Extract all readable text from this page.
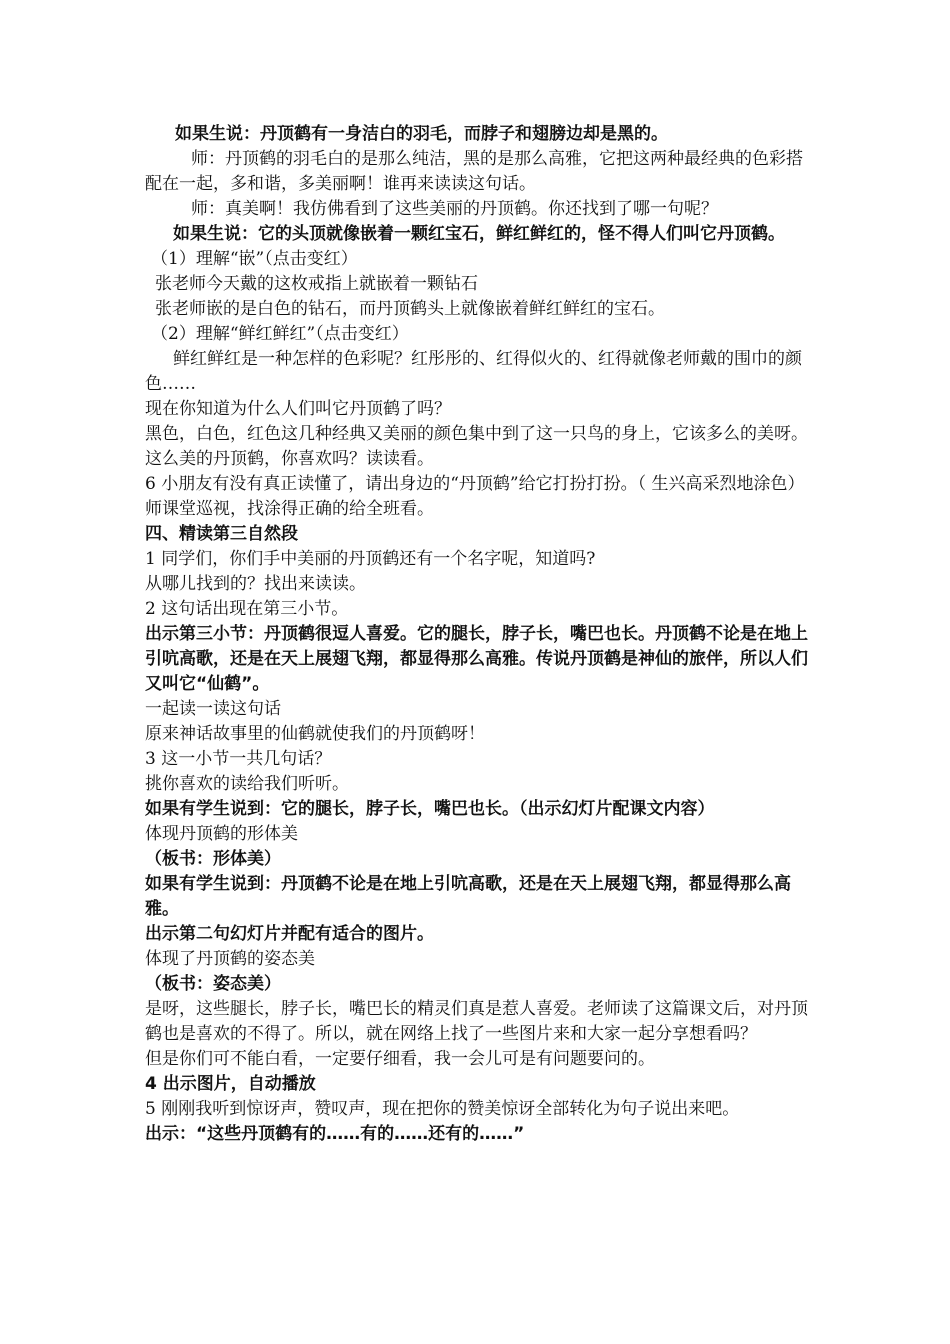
如果生说：丹顶鹤有一身洁白的羽毛，而脖子和翅膀边却是黑的。

师：丹顶鹤的羽毛白的是那么纯洁，黑的是那么高雅，它把这两种最经典的色彩搭配在一起，多和谐，多美丽啊！谁再来读读这句话。

师：真美啊！我仿佛看到了这些美丽的丹顶鹤。你还找到了哪一句呢？

如果生说：它的头顶就像嵌着一颗红宝石，鲜红鲜红的，怪不得人们叫它丹顶鹤。

（1）理解“嵌”（点击变红）

张老师今天戴的这枚戒指上就嵌着一颗钻石

张老师嵌的是白色的钻石，而丹顶鹤头上就像嵌着鲜红鲜红的宝石。

（2）理解“鲜红鲜红”（点击变红）

鲜红鲜红是一种怎样的色彩呢？红彤彤的、红得似火的、红得就像老师戴的围巾的颜色……

现在你知道为什么人们叫它丹顶鹤了吗？

黑色，白色，红色这几种经典又美丽的颜色集中到了这一只鸟的身上，它该多么的美呀。这么美的丹顶鹤，你喜欢吗？读读看。

6 小朋友有没有真正读懂了，请出身边的“丹顶鹤”给它打扮打扮。（ 生兴高采烈地涂色）

师课堂巡视，找涂得正确的给全班看。

四、精读第三自然段

1 同学们，你们手中美丽的丹顶鹤还有一个名字呢，知道吗?

从哪儿找到的？找出来读读。

2 这句话出现在第三小节。

出示第三小节：丹顶鹤很逗人喜爱。它的腿长，脖子长，嘴巴也长。丹顶鹤不论是在地上引吭高歌，还是在天上展翅飞翔，都显得那么高雅。传说丹顶鹤是神仙的旅伴，所以人们又叫它“仙鹤”。

一起读一读这句话

原来神话故事里的仙鹤就使我们的丹顶鹤呀！

3 这一小节一共几句话？

挑你喜欢的读给我们听听。

如果有学生说到：它的腿长，脖子长，嘴巴也长。（出示幻灯片配课文内容）

体现丹顶鹤的形体美

（板书：形体美）

如果有学生说到：丹顶鹤不论是在地上引吭高歌，还是在天上展翅飞翔，都显得那么高雅。

出示第二句幻灯片并配有适合的图片。

体现了丹顶鹤的姿态美

（板书：姿态美）

是呀，这些腿长，脖子长，嘴巴长的精灵们真是惹人喜爱。老师读了这篇课文后，对丹顶鹤也是喜欢的不得了。所以，就在网络上找了一些图片来和大家一起分享想看吗？

但是你们可不能白看，一定要仔细看，我一会儿可是有问题要问的。

4 出示图片，自动播放

5 刚刚我听到惊讶声，赞叹声，现在把你的赞美惊讶全部转化为句子说出来吧。

出示：“这些丹顶鹤有的……有的……还有的……”
